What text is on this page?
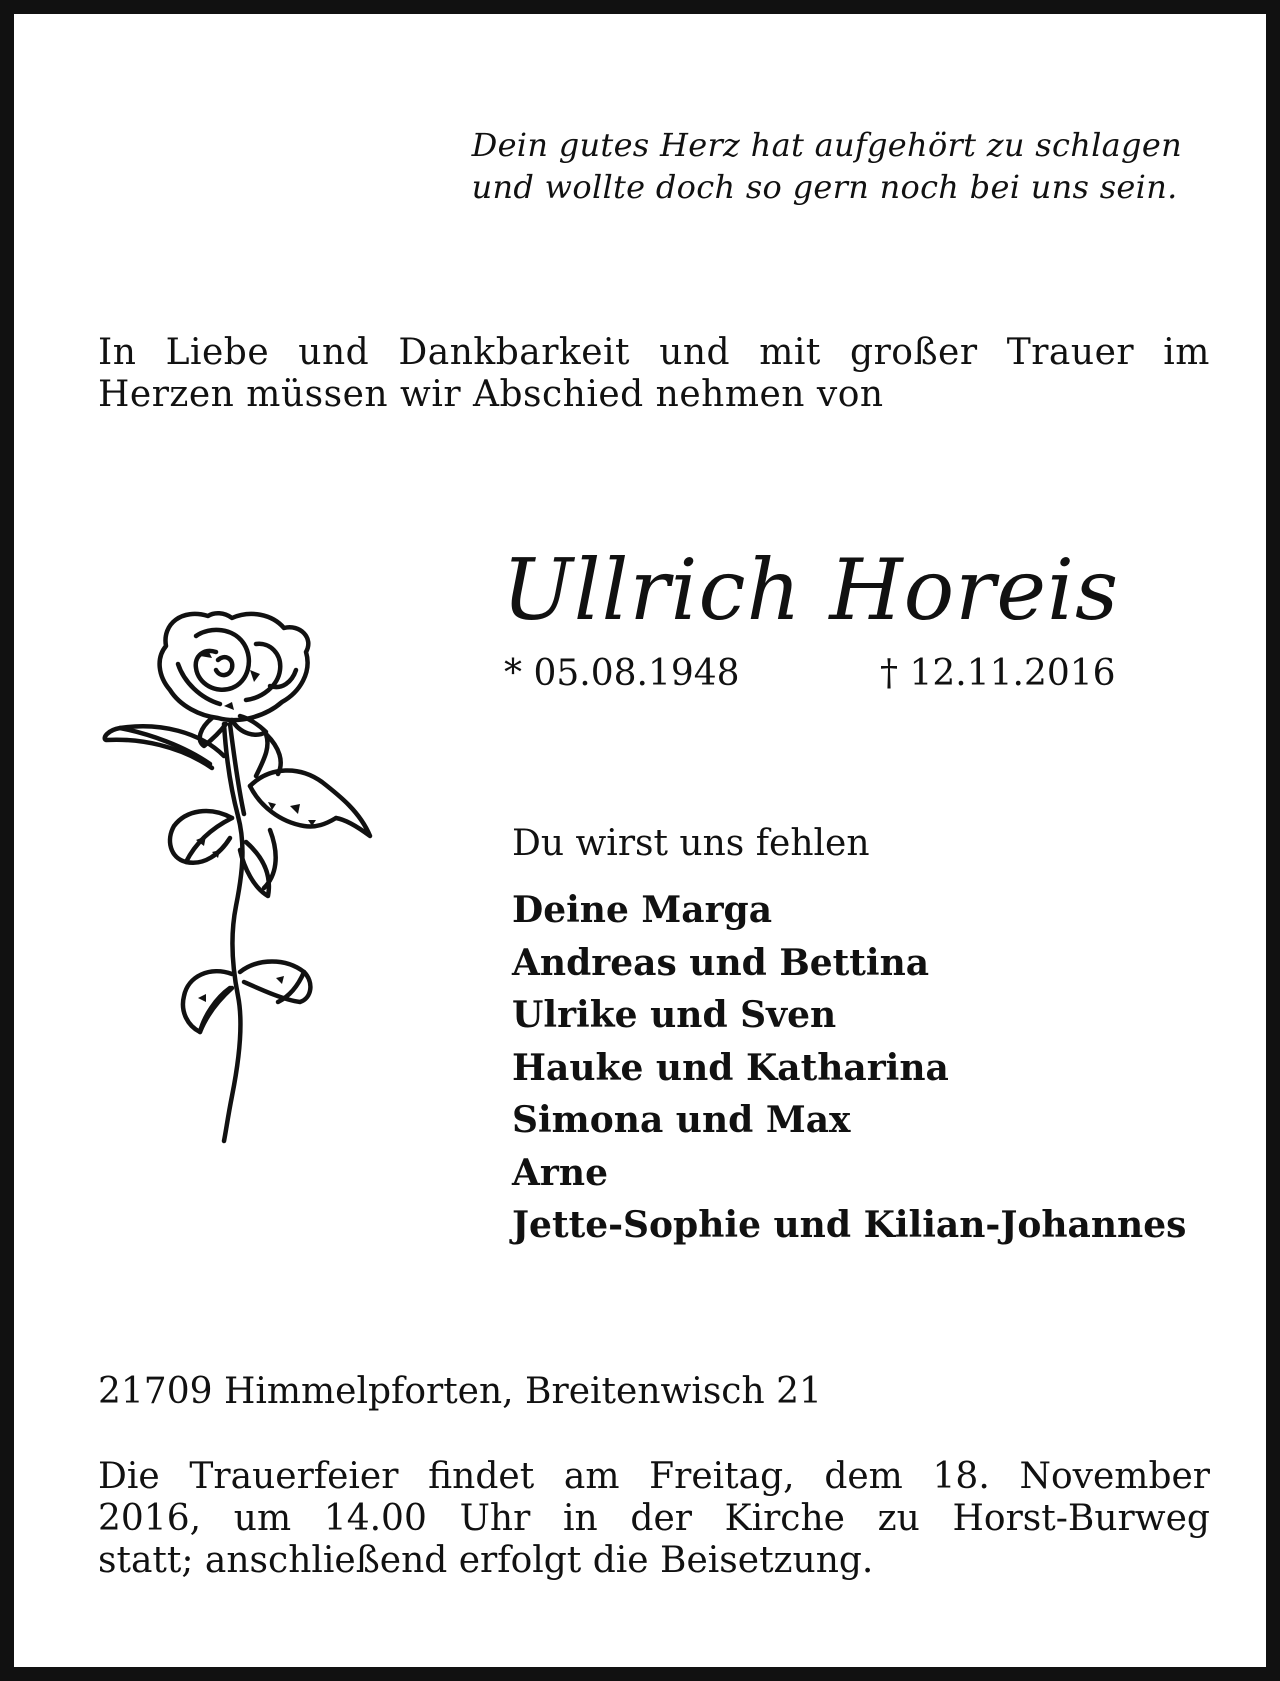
Dein gutes Herz hat aufgehört zu schlagen
und wollte doch so gern noch bei uns sein.
In Liebe und Dankbarkeit und mit großer Trauer im
Herzen müssen wir Abschied nehmen von
Ullrich Horeis
* 05.08.1948	† 12.11.2016
Du wirst uns fehlen
Deine Marga
Andreas und Bettina
Ulrike und Sven
Hauke und Katharina
Simona und Max
Arne
Jette-Sophie und Kilian-Johannes
21709 Himmelpforten, Breitenwisch 21
Die Trauerfeier findet am Freitag, dem 18. November
2016, um 14.00 Uhr in der Kirche zu Horst-Burweg
statt; anschließend erfolgt die Beisetzung.
